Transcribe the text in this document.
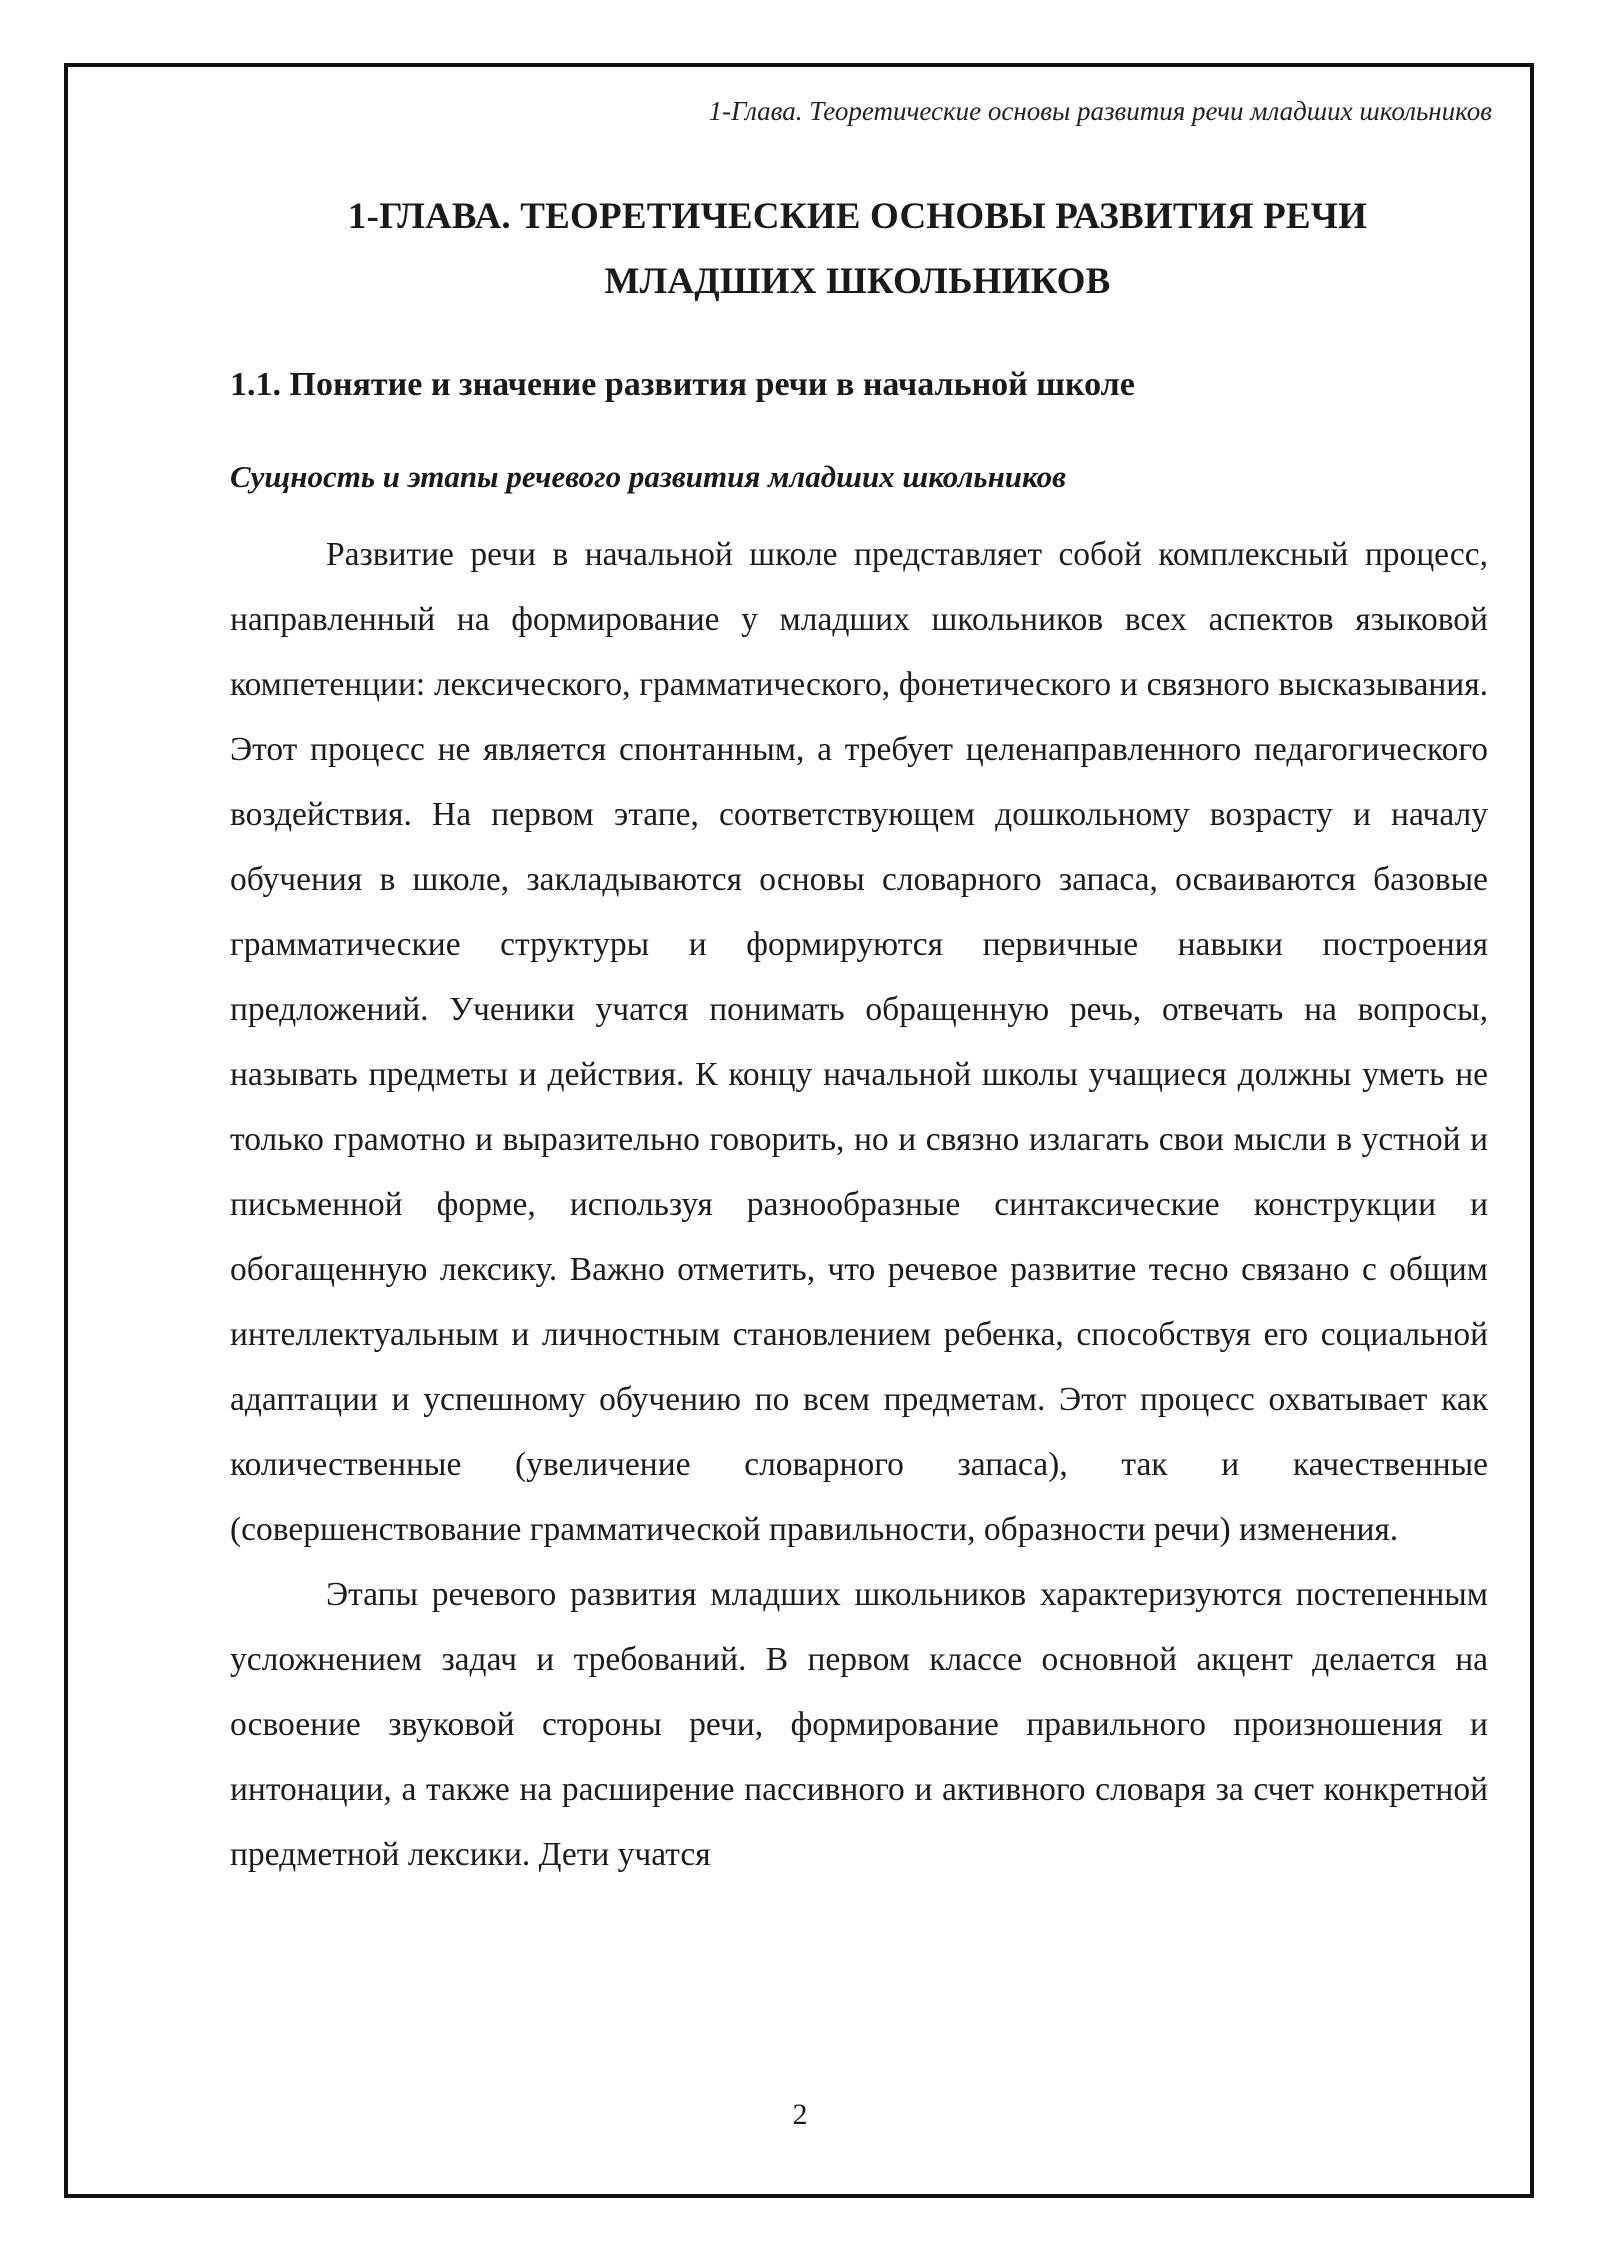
1-Глава. Теоретические основы развития речи младших школьников
1-ГЛАВА. ТЕОРЕТИЧЕСКИЕ ОСНОВЫ РАЗВИТИЯ РЕЧИ
МЛАДШИХ ШКОЛЬНИКОВ
1.1. Понятие и значение развития речи в начальной школе
Сущность и этапы речевого развития младших школьников

Развитие речи в начальной школе представляет собой комплексный процесс, направленный на формирование у младших школьников всех аспектов языковой компетенции: лексического, грамматического, фонетического и связного высказывания. Этот процесс не является спонтанным, а требует целенаправленного педагогического воздействия. На первом этапе, соответствующем дошкольному возрасту и началу обучения в школе, закладываются основы словарного запаса, осваиваются базовые грамматические структуры и формируются первичные навыки построения предложений. Ученики учатся понимать обращенную речь, отвечать на вопросы, называть предметы и действия. К концу начальной школы учащиеся должны уметь не только грамотно и выразительно говорить, но и связно излагать свои мысли в устной и письменной форме, используя разнообразные синтаксические конструкции и обогащенную лексику. Важно отметить, что речевое развитие тесно связано с общим интеллектуальным и личностным становлением ребенка, способствуя его социальной адаптации и успешному обучению по всем предметам. Этот процесс охватывает как количественные (увеличение словарного запаса), так и качественные (совершенствование грамматической правильности, образности речи) изменения.

Этапы речевого развития младших школьников характеризуются постепенным усложнением задач и требований. В первом классе основной акцент делается на освоение звуковой стороны речи, формирование правильного произношения и интонации, а также на расширение пассивного и активного словаря за счет конкретной предметной лексики. Дети учатся

2
